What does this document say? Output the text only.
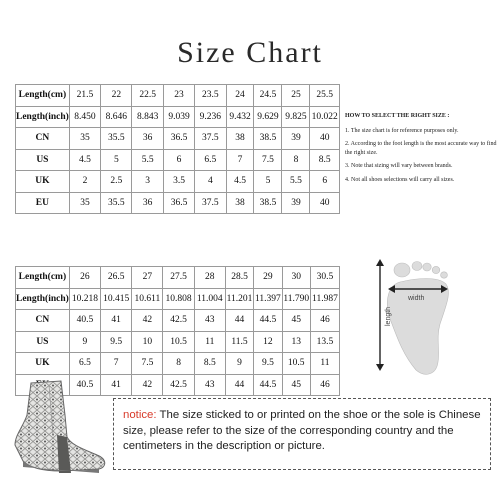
Size Chart
Length(cm)	21.5	22	22.5	23	23.5	24	24.5	25	25.5
Length(inch)	8.450	8.646	8.843	9.039	9.236	9.432	9.629	9.825	10.022
CN	35	35.5	36	36.5	37.5	38	38.5	39	40
US	4.5	5	5.5	6	6.5	7	7.5	8	8.5
UK	2	2.5	3	3.5	4	4.5	5	5.5	6
EU	35	35.5	36	36.5	37.5	38	38.5	39	40
Length(cm)	26	26.5	27	27.5	28	28.5	29	30	30.5
Length(inch)	10.218	10.415	10.611	10.808	11.004	11.201	11.397	11.790	11.987
CN	40.5	41	42	42.5	43	44	44.5	45	46
US	9	9.5	10	10.5	11	11.5	12	13	13.5
UK	6.5	7	7.5	8	8.5	9	9.5	10.5	11
	40.5	41	42	42.5	43	44	44.5	45	46
HOW TO SELECT THE RIGHT SIZE :

1. The size chart is for reference purposes only.

2. According to the foot length is the most accurate way to find the right size.

3. Note that sizing will vary between brands.

4. Not all shoes selections will carry all sizes.

width
length
notice: The size sticked to or printed on the shoe or the sole is Chinese size, please refer to the size of the corresponding country and the centimeters in the description or picture.
